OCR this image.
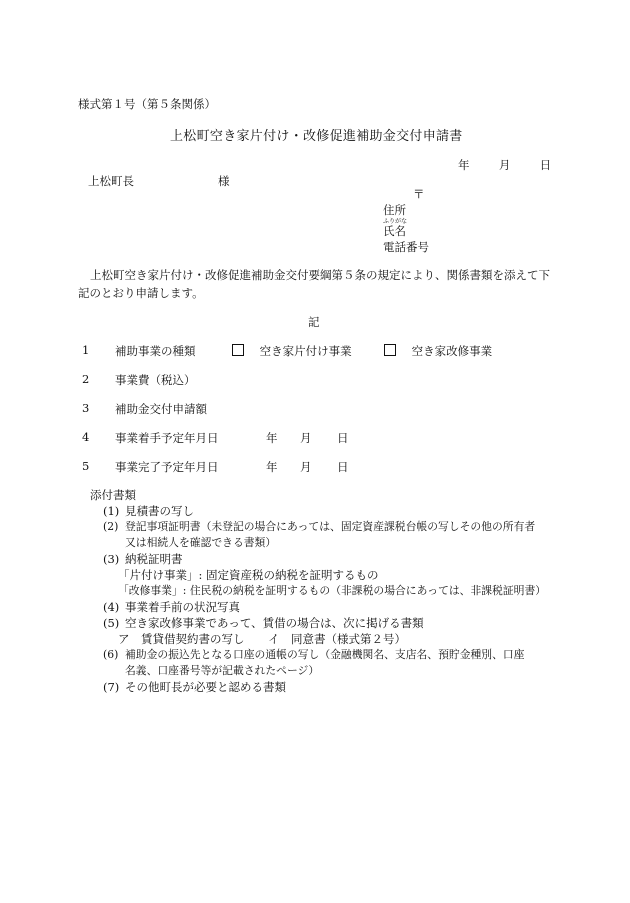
様式第１号（第５条関係）
上松町空き家片付け・改修促進補助金交付申請書
年	月	日
上松町長	様
〒
住所
ふりがな
氏名
電話番号
上松町空き家片付け・改修促進補助金交付要綱第５条の規定により、関係書類を添えて下
記のとおり申請します。
記
1 補助事業の種類	空き家片付け事業	空き家改修事業
2 事業費（税込）
3 補助金交付申請額
4 事業着手予定年月日	年 月 日
5 事業完了予定年月日	年 月 日
添付書類
(1) 見積書の写し
(2) 登記事項証明書（未登記の場合にあっては、固定資産課税台帳の写しその他の所有者
又は相続人を確認できる書類）
(3) 納税証明書
「片付け事業」: 固定資産税の納税を証明するもの
「改修事業」: 住民税の納税を証明するもの（非課税の場合にあっては、非課税証明書）
(4) 事業着手前の状況写真
(5) 空き家改修事業であって、賃借の場合は、次に掲げる書類
ア　賃貸借契約書の写し イ　同意書（様式第２号）
(6) 補助金の振込先となる口座の通帳の写し（金融機関名、支店名、預貯金種別、口座
名義、口座番号等が記載されたページ）
(7) その他町長が必要と認める書類
